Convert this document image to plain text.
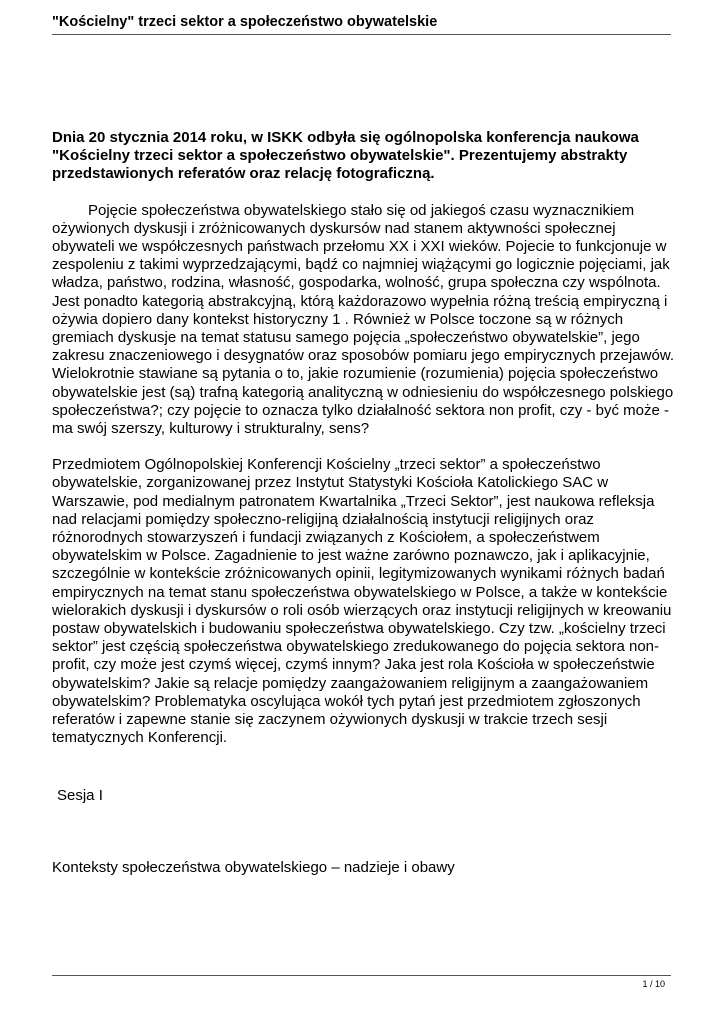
"Kościelny" trzeci sektor a społeczeństwo obywatelskie

Dnia 20 stycznia 2014 roku, w ISKK odbyła się ogólnopolska konferencja naukowa "Kościelny trzeci sektor a społeczeństwo obywatelskie". Prezentujemy abstrakty przedstawionych referatów oraz relację fotograficzną.

Pojęcie społeczeństwa obywatelskiego stało się od jakiegoś czasu wyznacznikiem ożywionych dyskusji i zróżnicowanych dyskursów nad stanem aktywności społecznej obywateli we współczesnych państwach przełomu XX i XXI wieków. Pojecie to funkcjonuje w zespoleniu z takimi wyprzedzającymi, bądź co najmniej wiążącymi go logicznie pojęciami, jak władza, państwo, rodzina, własność, gospodarka, wolność, grupa społeczna czy wspólnota. Jest ponadto kategorią abstrakcyjną, którą każdorazowo wypełnia różną treścią empiryczną i ożywia dopiero dany kontekst historyczny 1 . Również w Polsce toczone są w różnych gremiach dyskusje na temat statusu samego pojęcia „społeczeństwo obywatelskie”, jego zakresu znaczeniowego i desygnatów oraz sposobów pomiaru jego empirycznych przejawów. Wielokrotnie stawiane są pytania o to, jakie rozumienie (rozumienia) pojęcia społeczeństwo obywatelskie jest (są) trafną kategorią analityczną w odniesieniu do współczesnego polskiego społeczeństwa?; czy pojęcie to oznacza tylko działalność sektora non profit, czy - być może - ma swój szerszy, kulturowy i strukturalny, sens?

Przedmiotem Ogólnopolskiej Konferencji Kościelny „trzeci sektor” a społeczeństwo obywatelskie, zorganizowanej przez Instytut Statystyki Kościoła Katolickiego SAC w Warszawie, pod medialnym patronatem Kwartalnika „Trzeci Sektor”, jest naukowa refleksja nad relacjami pomiędzy społeczno-religijną działalnością instytucji religijnych oraz różnorodnych stowarzyszeń i fundacji związanych z Kościołem, a społeczeństwem obywatelskim w Polsce. Zagadnienie to jest ważne zarówno poznawczo, jak i aplikacyjnie, szczególnie w kontekście zróżnicowanych opinii, legitymizowanych wynikami różnych badań empirycznych na temat stanu społeczeństwa obywatelskiego w Polsce, a także w kontekście wielorakich dyskusji i dyskursów o roli osób wierzących oraz instytucji religijnych w kreowaniu postaw obywatelskich i budowaniu społeczeństwa obywatelskiego. Czy tzw. „kościelny trzeci sektor” jest częścią społeczeństwa obywatelskiego zredukowanego do pojęcia sektora non-profit, czy może jest czymś więcej, czymś innym? Jaka jest rola Kościoła w społeczeństwie obywatelskim? Jakie są relacje pomiędzy zaangażowaniem religijnym a zaangażowaniem obywatelskim? Problematyka oscylująca wokół tych pytań jest przedmiotem zgłoszonych referatów i zapewne stanie się zaczynem ożywionych dyskusji w trakcie trzech sesji tematycznych Konferencji.

Sesja I
Konteksty społeczeństwa obywatelskiego – nadzieje i obawy
1 / 10
